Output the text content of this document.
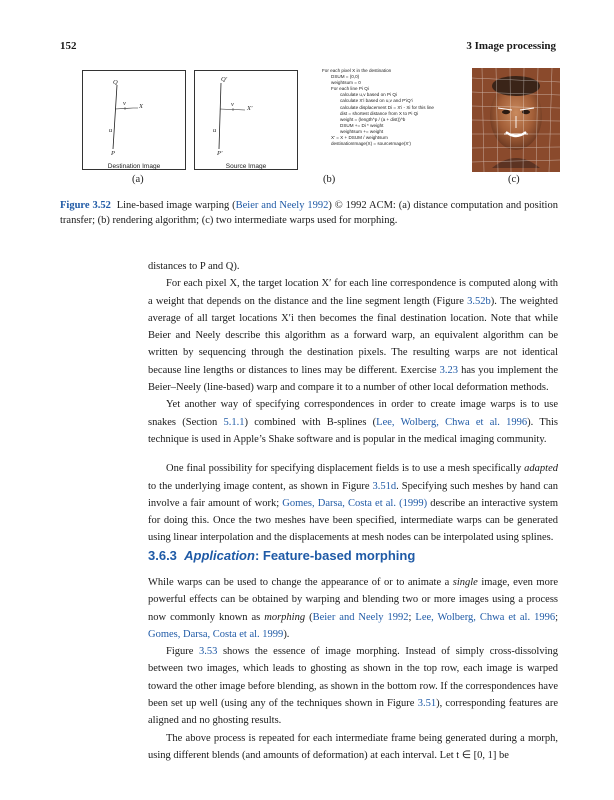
152	3 Image processing
Q
P
X
v
u
Destination Image
Q'
P'
X'
v
u
Source Image
For each pixel X in the destination
DSUM = (0,0)
weightsum = 0
For each line Pi Qi
calculate u,v based on Pi Qi
calculate X'i based on u,v and P'iQ'i
calculate displacement Di = X'i - Xi for this line
dist = shortest distance from X to Pi Qi
weight = (length^p / (a + dist))^b
DSUM += Di * weight
weightsum += weight
X' = X + DSUM / weightsum
destinationImage(X) = sourceImage(X')
(a)	(b)	(c)
Figure 3.52 Line-based image warping (Beier and Neely 1992) © 1992 ACM: (a) distance computation and position transfer; (b) rendering algorithm; (c) two intermediate warps used for morphing.

distances to P and Q).

For each pixel X, the target location X′ for each line correspondence is computed along with a weight that depends on the distance and the line segment length (Figure 3.52b). The weighted average of all target locations X′i then becomes the final destination location. Note that while Beier and Neely describe this algorithm as a forward warp, an equivalent algorithm can be written by sequencing through the destination pixels. The resulting warps are not identical because line lengths or distances to lines may be different. Exercise 3.23 has you implement the Beier–Neely (line-based) warp and compare it to a number of other local deformation methods.

Yet another way of specifying correspondences in order to create image warps is to use snakes (Section 5.1.1) combined with B-splines (Lee, Wolberg, Chwa et al. 1996). This technique is used in Apple’s Shake software and is popular in the medical imaging community.

One final possibility for specifying displacement fields is to use a mesh specifically adapted to the underlying image content, as shown in Figure 3.51d. Specifying such meshes by hand can involve a fair amount of work; Gomes, Darsa, Costa et al. (1999) describe an interactive system for doing this. Once the two meshes have been specified, intermediate warps can be generated using linear interpolation and the displacements at mesh nodes can be interpolated using splines.

3.6.3 Application: Feature-based morphing

While warps can be used to change the appearance of or to animate a single image, even more powerful effects can be obtained by warping and blending two or more images using a process now commonly known as morphing (Beier and Neely 1992; Lee, Wolberg, Chwa et al. 1996; Gomes, Darsa, Costa et al. 1999).

Figure 3.53 shows the essence of image morphing. Instead of simply cross-dissolving between two images, which leads to ghosting as shown in the top row, each image is warped toward the other image before blending, as shown in the bottom row. If the correspondences have been set up well (using any of the techniques shown in Figure 3.51), corresponding features are aligned and no ghosting results.

The above process is repeated for each intermediate frame being generated during a morph, using different blends (and amounts of deformation) at each interval. Let t ∈ [0, 1] be
